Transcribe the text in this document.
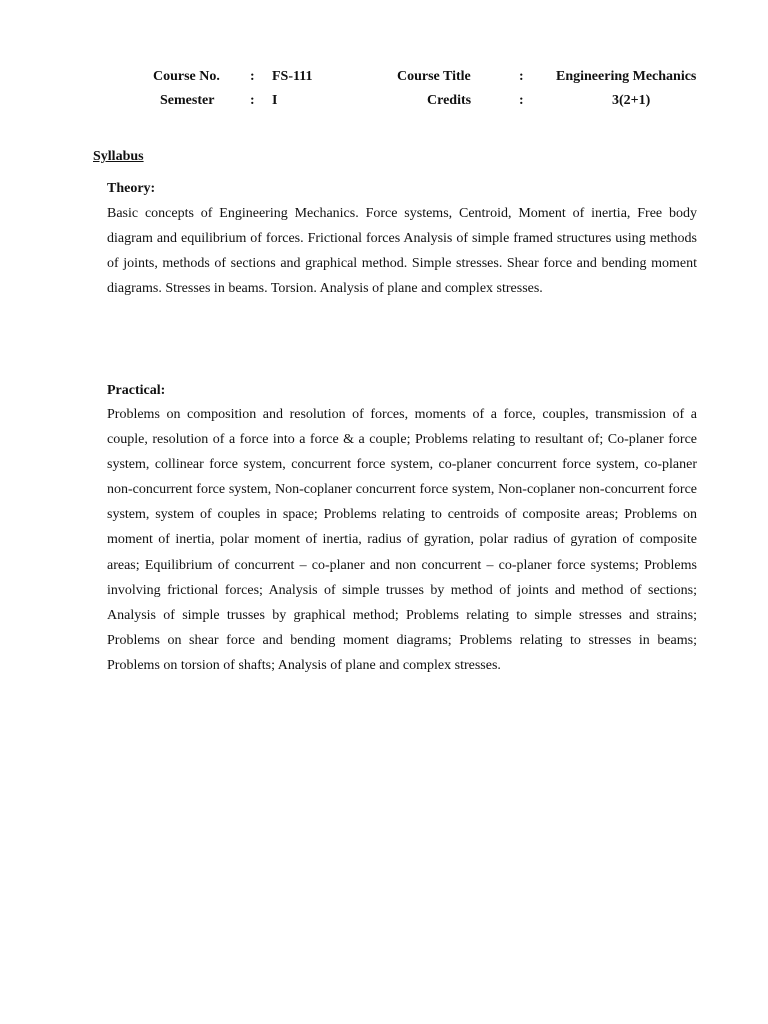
Course No. : FS-111	Course Title	: Engineering Mechanics
Semester	: I	Credits	:	3(2+1)
Syllabus
Theory:

Basic concepts of Engineering Mechanics. Force systems, Centroid, Moment of inertia, Free body diagram and equilibrium of forces. Frictional forces Analysis of simple framed structures using methods of joints, methods of sections and graphical method. Simple stresses. Shear force and bending moment diagrams. Stresses in beams. Torsion. Analysis of plane and complex stresses.

Practical:

Problems on composition and resolution of forces, moments of a force, couples, transmission of a couple, resolution of a force into a force & a couple; Problems relating to resultant of; Co-planer force system, collinear force system, concurrent force system, co-planer concurrent force system, co-planer non-concurrent force system, Non-coplaner concurrent force system, Non-coplaner non-concurrent force system, system of couples in space; Problems relating to centroids of composite areas; Problems on moment of inertia, polar moment of inertia, radius of gyration, polar radius of gyration of composite areas; Equilibrium of concurrent – co-planer and non concurrent – co-planer force systems; Problems involving frictional forces; Analysis of simple trusses by method of joints and method of sections; Analysis of simple trusses by graphical method; Problems relating to simple stresses and strains; Problems on shear force and bending moment diagrams; Problems relating to stresses in beams; Problems on torsion of shafts; Analysis of plane and complex stresses.
